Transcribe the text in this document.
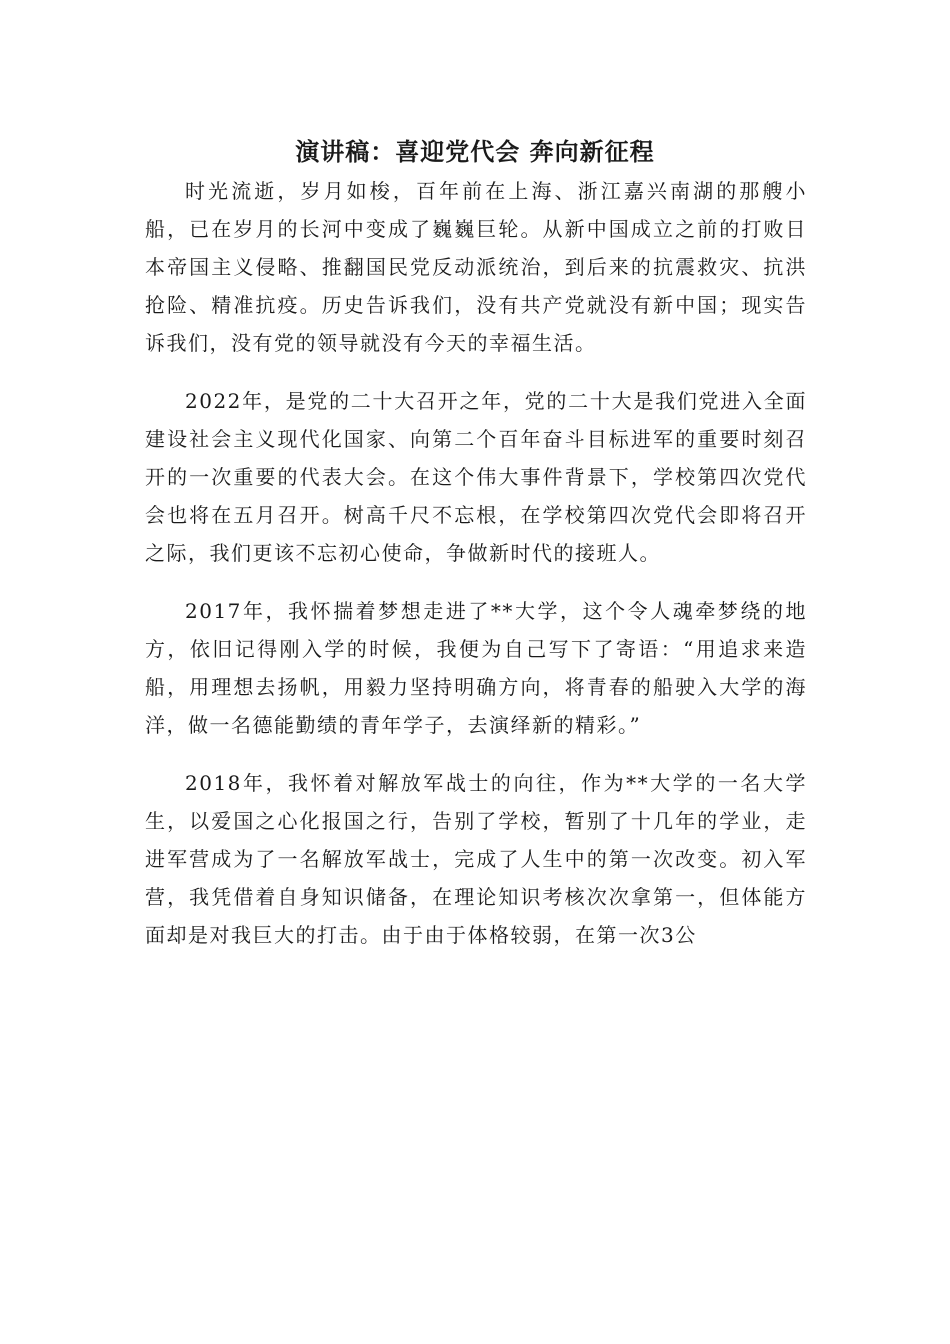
演讲稿：喜迎党代会 奔向新征程

时光流逝，岁月如梭，百年前在上海、浙江嘉兴南湖的那艘小船，已在岁月的长河中变成了巍巍巨轮。从新中国成立之前的打败日本帝国主义侵略、推翻国民党反动派统治，到后来的抗震救灾、抗洪抢险、精准抗疫。历史告诉我们，没有共产党就没有新中国；现实告诉我们，没有党的领导就没有今天的幸福生活。

2022年，是党的二十大召开之年，党的二十大是我们党进入全面建设社会主义现代化国家、向第二个百年奋斗目标进军的重要时刻召开的一次重要的代表大会。在这个伟大事件背景下，学校第四次党代会也将在五月召开。树高千尺不忘根，在学校第四次党代会即将召开之际，我们更该不忘初心使命，争做新时代的接班人。

2017年，我怀揣着梦想走进了**大学，这个令人魂牵梦绕的地方，依旧记得刚入学的时候，我便为自己写下了寄语：“用追求来造船，用理想去扬帆，用毅力坚持明确方向，将青春的船驶入大学的海洋，做一名德能勤绩的青年学子，去演绎新的精彩。”

2018年，我怀着对解放军战士的向往，作为**大学的一名大学生，以爱国之心化报国之行，告别了学校，暂别了十几年的学业，走进军营成为了一名解放军战士，完成了人生中的第一次改变。初入军营，我凭借着自身知识储备，在理论知识考核次次拿第一，但体能方面却是对我巨大的打击。由于由于体格较弱，在第一次3公
